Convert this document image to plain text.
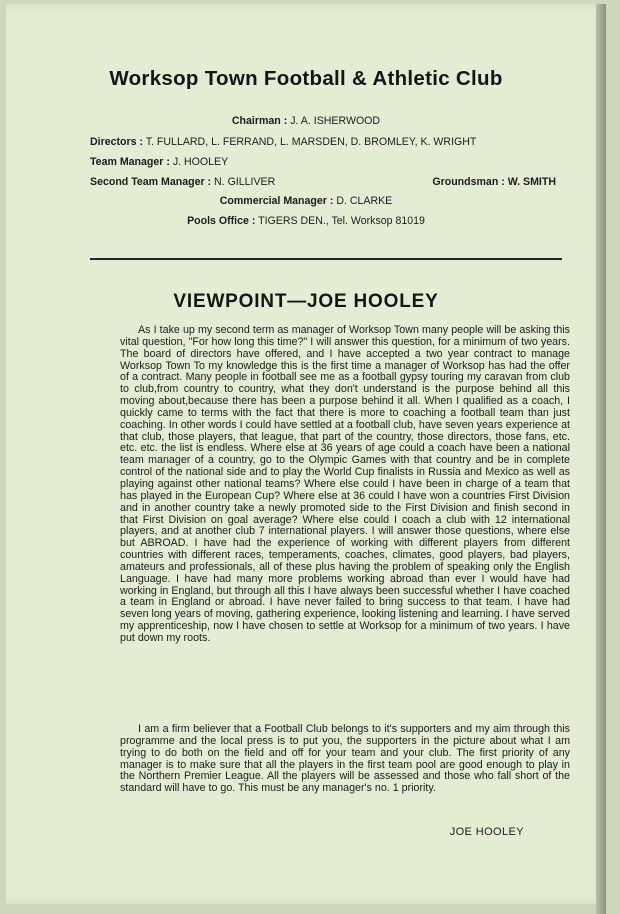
Worksop Town Football & Athletic Club
Chairman : J. A. ISHERWOOD
Directors : T. FULLARD, L. FERRAND, L. MARSDEN, D. BROMLEY, K. WRIGHT
Team Manager : J. HOOLEY
Second Team Manager : N. GILLIVER	Groundsman : W. SMITH
Commercial Manager : D. CLARKE
Pools Office : TIGERS DEN., Tel. Worksop 81019
VIEWPOINT—JOE HOOLEY
As I take up my second term as manager of Worksop Town many people will be asking this vital question, "For how long this time?" I will answer this question, for a minimum of two years. The board of directors have offered, and I have accepted a two year contract to manage Worksop Town To my knowledge this is the first time a manager of Worksop has had the offer of a contract. Many people in football see me as a football gypsy touring my caravan from club to club,from country to country, what they don't understand is the purpose behind all this moving about,because there has been a purpose behind it all. When I qualified as a coach, I quickly came to terms with the fact that there is more to coaching a football team than just coaching. In other words I could have settled at a football club, have seven years experience at that club, those players, that league, that part of the country, those directors, those fans, etc. etc. etc. the list is endless. Where else at 36 years of age could a coach have been a national team manager of a country, go to the Olympic Games with that country and be in complete control of the national side and to play the World Cup finalists in Russia and Mexico as well as playing against other national teams? Where else could I have been in charge of a team that has played in the European Cup? Where else at 36 could I have won a countries First Division and in another country take a newly promoted side to the First Division and finish second in that First Division on goal average? Where else could I coach a club with 12 international players, and at another club 7 international players. I will answer those questions, where else but ABROAD. I have had the experience of working with different players from different countries with different races, temperaments, coaches, climates, good players, bad players, amateurs and professionals, all of these plus having the problem of speaking only the English Language. I have had many more problems working abroad than ever I would have had working in England, but through all this I have always been successful whether I have coached a team in England or abroad. I have never failed to bring success to that team. I have had seven long years of moving, gathering experience, looking listening and learning. I have served my apprenticeship, now I have chosen to settle at Worksop for a minimum of two years. I have put down my roots.
I am a firm believer that a Football Club belongs to it's supporters and my aim through this programme and the local press is to put you, the supporters in the picture about what I am trying to do both on the field and off for your team and your club. The first priority of any manager is to make sure that all the players in the first team pool are good enough to play in the Northern Premier League. All the players will be assessed and those who fall short of the standard will have to go. This must be any manager's no. 1 priority.
JOE HOOLEY
